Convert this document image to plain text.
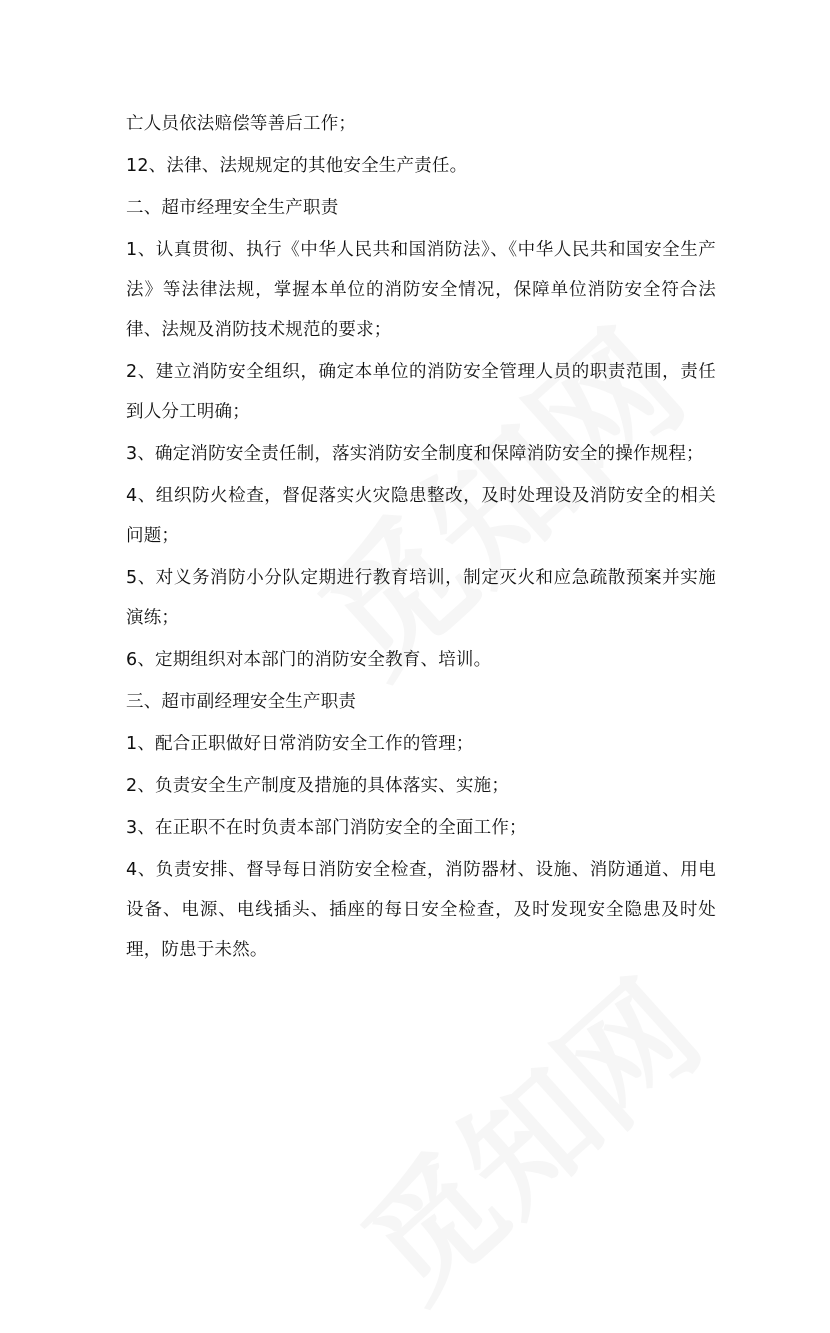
亡人员依法赔偿等善后工作；

12、法律、法规规定的其他安全生产责任。

二、超市经理安全生产职责

1、认真贯彻、执行《中华人民共和国消防法》、《中华人民共和国安全生产法》等法律法规，掌握本单位的消防安全情况，保障单位消防安全符合法律、法规及消防技术规范的要求；

2、建立消防安全组织，确定本单位的消防安全管理人员的职责范围，责任到人分工明确；

3、确定消防安全责任制，落实消防安全制度和保障消防安全的操作规程；

4、组织防火检查，督促落实火灾隐患整改，及时处理设及消防安全的相关问题；

5、对义务消防小分队定期进行教育培训，制定灭火和应急疏散预案并实施演练；

6、定期组织对本部门的消防安全教育、培训。

三、超市副经理安全生产职责

1、配合正职做好日常消防安全工作的管理；

2、负责安全生产制度及措施的具体落实、实施；

3、在正职不在时负责本部门消防安全的全面工作；

4、负责安排、督导每日消防安全检查，消防器材、设施、消防通道、用电设备、电源、电线插头、插座的每日安全检查，及时发现安全隐患及时处理，防患于未然。
